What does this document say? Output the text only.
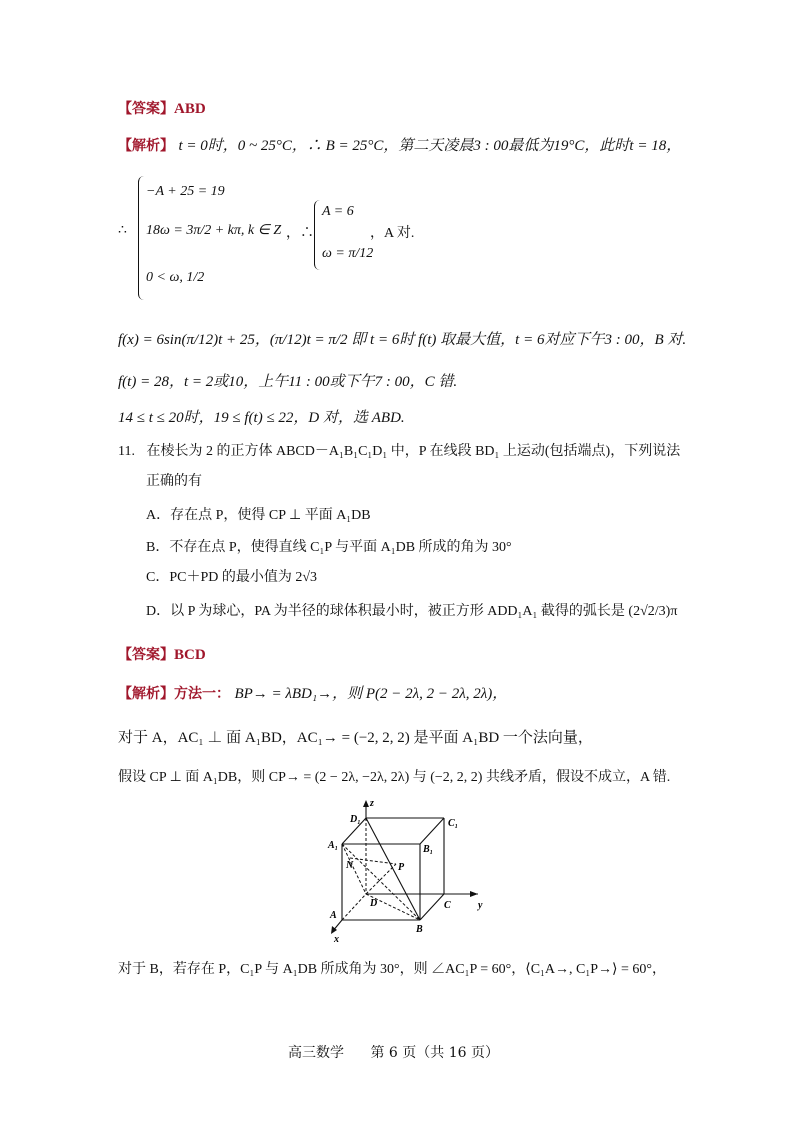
【答案】ABD
【解析】 t = 0时，0 ~ 25°C，∴ B = 25°C，第二天凌晨3 : 00最低为19°C，此时t = 18，
∴
−A + 25 = 19
18ω = 3π/2 + kπ, k ∈ Z
0 < ω, 1/2
，∴
A = 6
ω = π/12
，A 对.
f(x) = 6sin(π/12)t + 25，(π/12)t = π/2 即 t = 6时 f(t) 取最大值，t = 6对应下午3 : 00，B 对.
f(t) = 28，t = 2或10，上午11 : 00或下午7 : 00，C 错.
14 ≤ t ≤ 20时，19 ≤ f(t) ≤ 22，D 对，选 ABD.
11. 在棱长为 2 的正方体 ABCD－A₁B₁C₁D₁ 中，P 在线段 BD₁ 上运动(包括端点)，下列说法
正确的有
A．存在点 P，使得 CP ⊥ 平面 A₁DB
B．不存在点 P，使得直线 C₁P 与平面 A₁DB 所成的角为 30°
C．PC＋PD 的最小值为 2√3
D．以 P 为球心，PA 为半径的球体积最小时，被正方形 ADD₁A₁ 截得的弧长是 (2√2/3)π
【答案】BCD
【解析】方法一： BP→ = λBD₁→，则 P(2 − 2λ, 2 − 2λ, 2λ)，
对于 A，AC₁ ⊥ 面 A₁BD，AC₁→ = (−2, 2, 2) 是平面 A₁BD 一个法向量，
假设 CP ⊥ 面 A₁DB，则 CP→ = (2 − 2λ, −2λ, 2λ) 与 (−2, 2, 2) 共线矛盾，假设不成立，A 错.
z
D₁	C₁
A₁	B₁
N	P
D	C	y
A
B
x
对于 B，若存在 P，C₁P 与 A₁DB 所成角为 30°，则 ∠AC₁P = 60°，⟨C₁A→, C₁P→⟩ = 60°，
高三数学 第 6 页（共 16 页）
